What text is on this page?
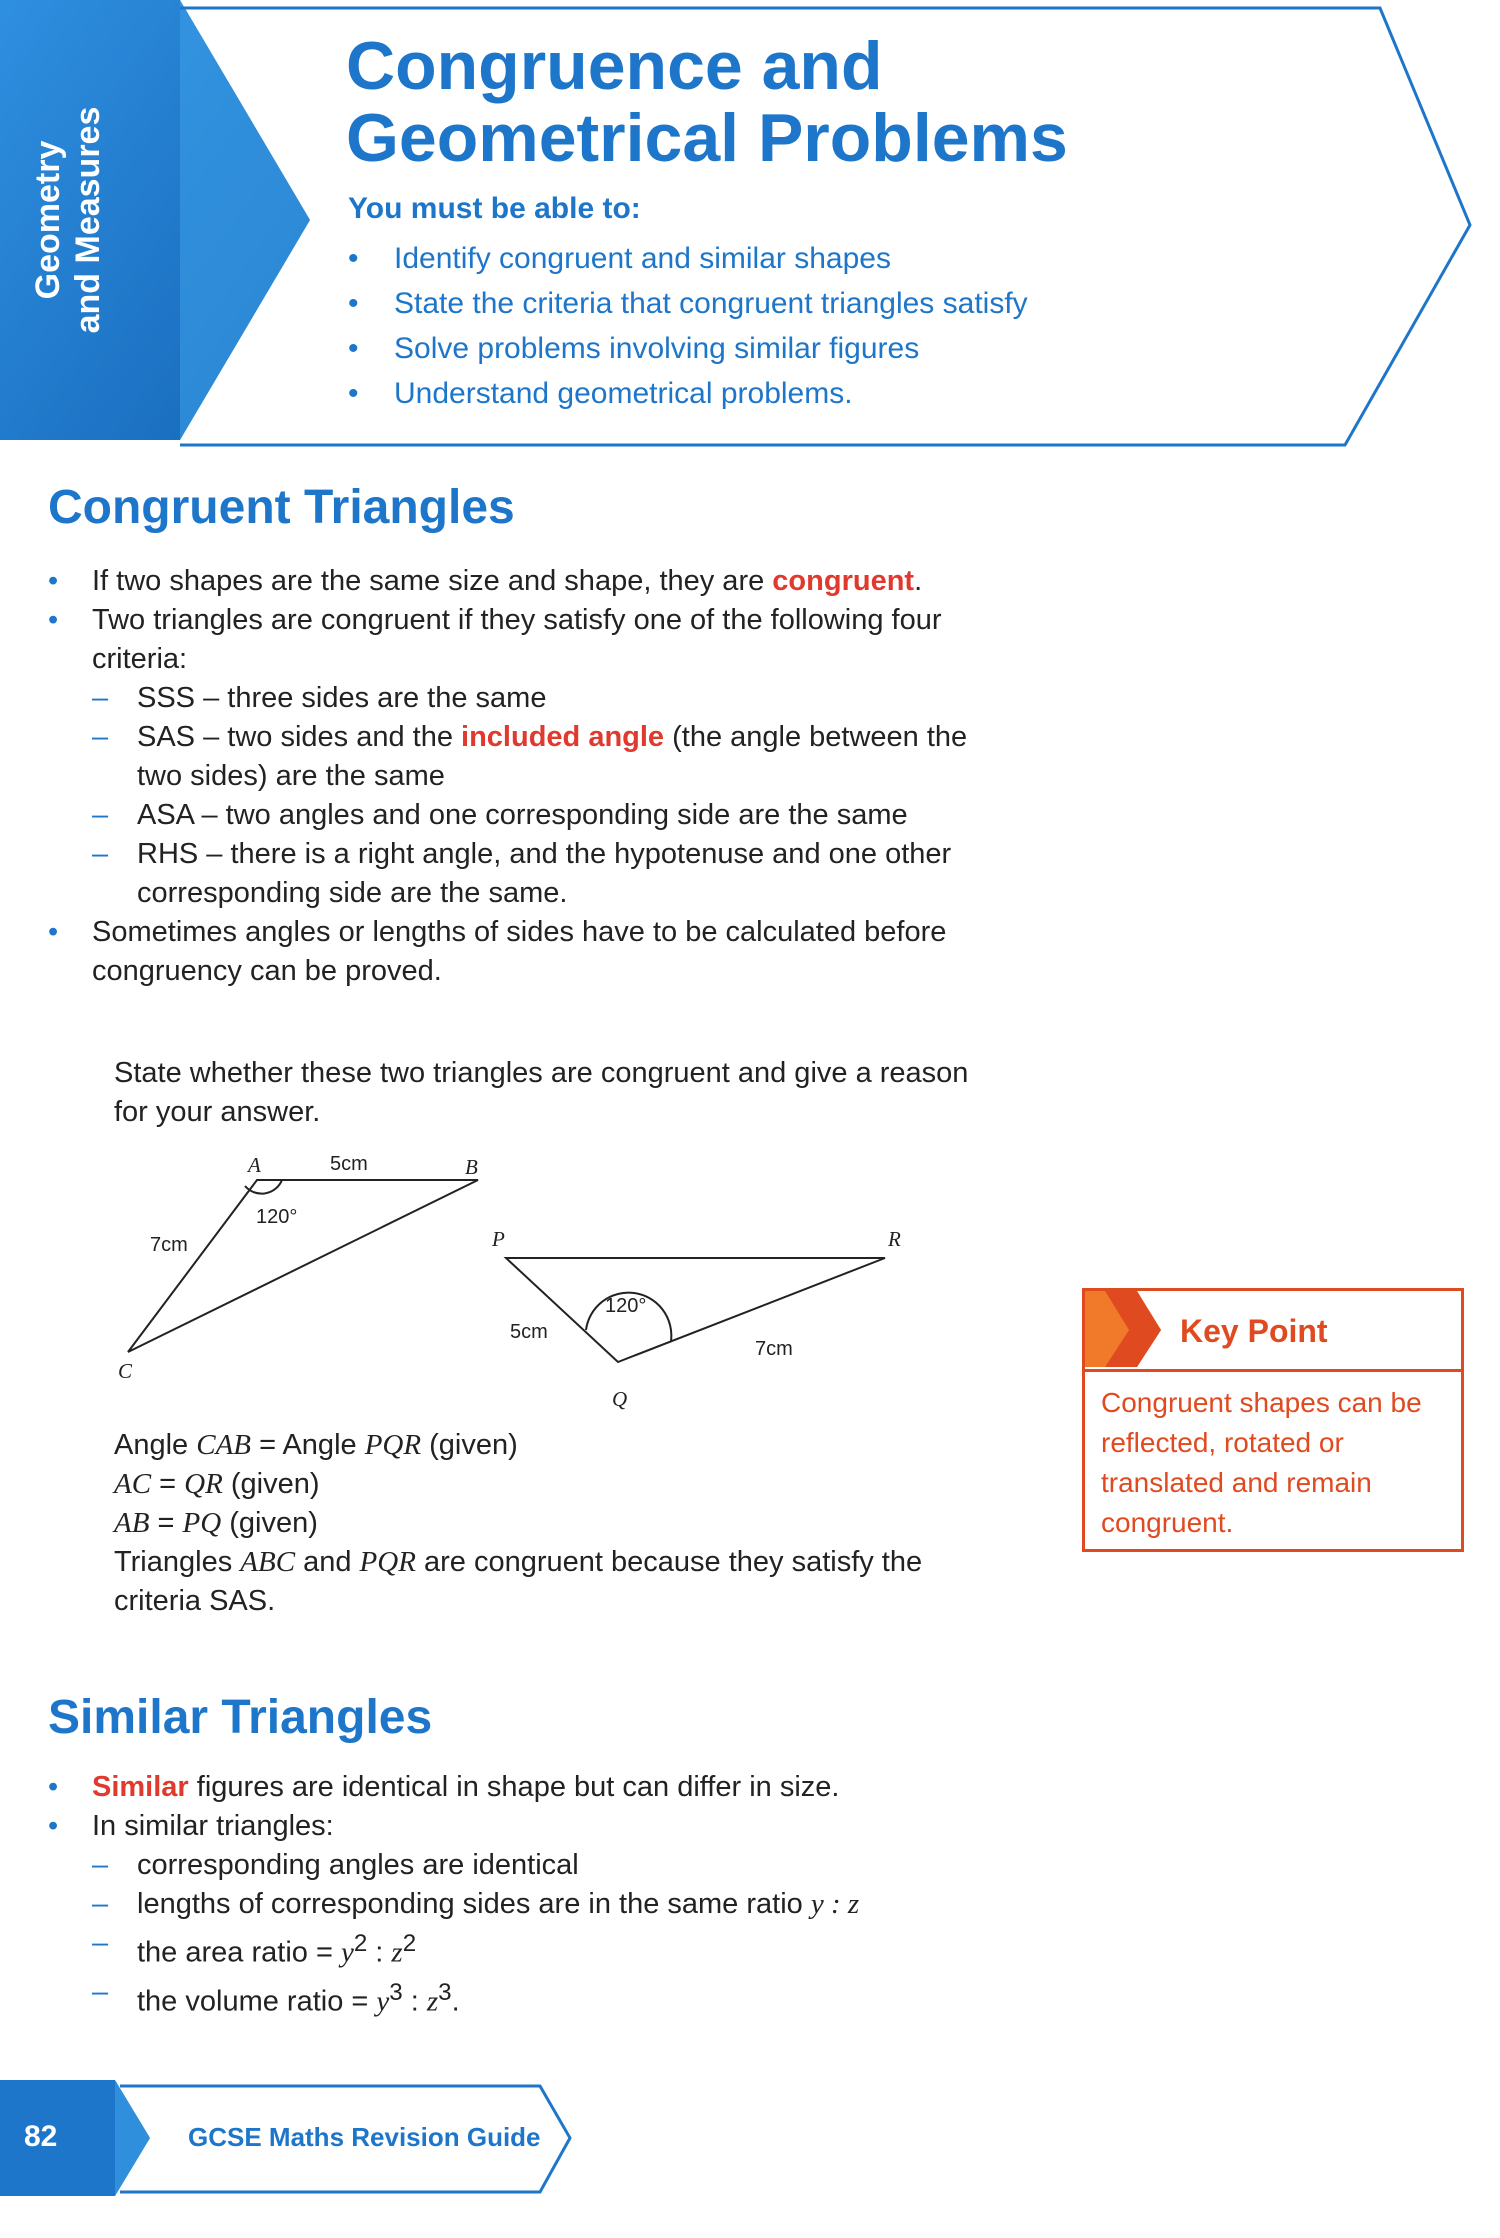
Geometry and Measures
Congruence and Geometrical Problems
You must be able to:
• Identify congruent and similar shapes
• State the criteria that congruent triangles satisfy
• Solve problems involving similar figures
• Understand geometrical problems.
Congruent Triangles
• If two shapes are the same size and shape, they are congruent.
• Two triangles are congruent if they satisfy one of the following four criteria:
– SSS – three sides are the same
– SAS – two sides and the included angle (the angle between the two sides) are the same
– ASA – two angles and one corresponding side are the same
– RHS – there is a right angle, and the hypotenuse and one other corresponding side are the same.
• Sometimes angles or lengths of sides have to be calculated before congruency can be proved.
State whether these two triangles are congruent and give a reason for your answer.
A	B
C
5cm
7cm
120°
P	R
Q
5cm
7cm
120°
Angle CAB = Angle PQR (given)
AC = QR (given)
AB = PQ (given)
Triangles ABC and PQR are congruent because they satisfy the criteria SAS.
Key Point
Congruent shapes can be reflected, rotated or translated and remain congruent.
Similar Triangles
• Similar figures are identical in shape but can differ in size.
• In similar triangles:
– corresponding angles are identical
– lengths of corresponding sides are in the same ratio y : z
– the area ratio = $y^2$ : $z^2$
– the volume ratio = $y^3$ : $z^3$.
82	GCSE Maths Revision Guide
